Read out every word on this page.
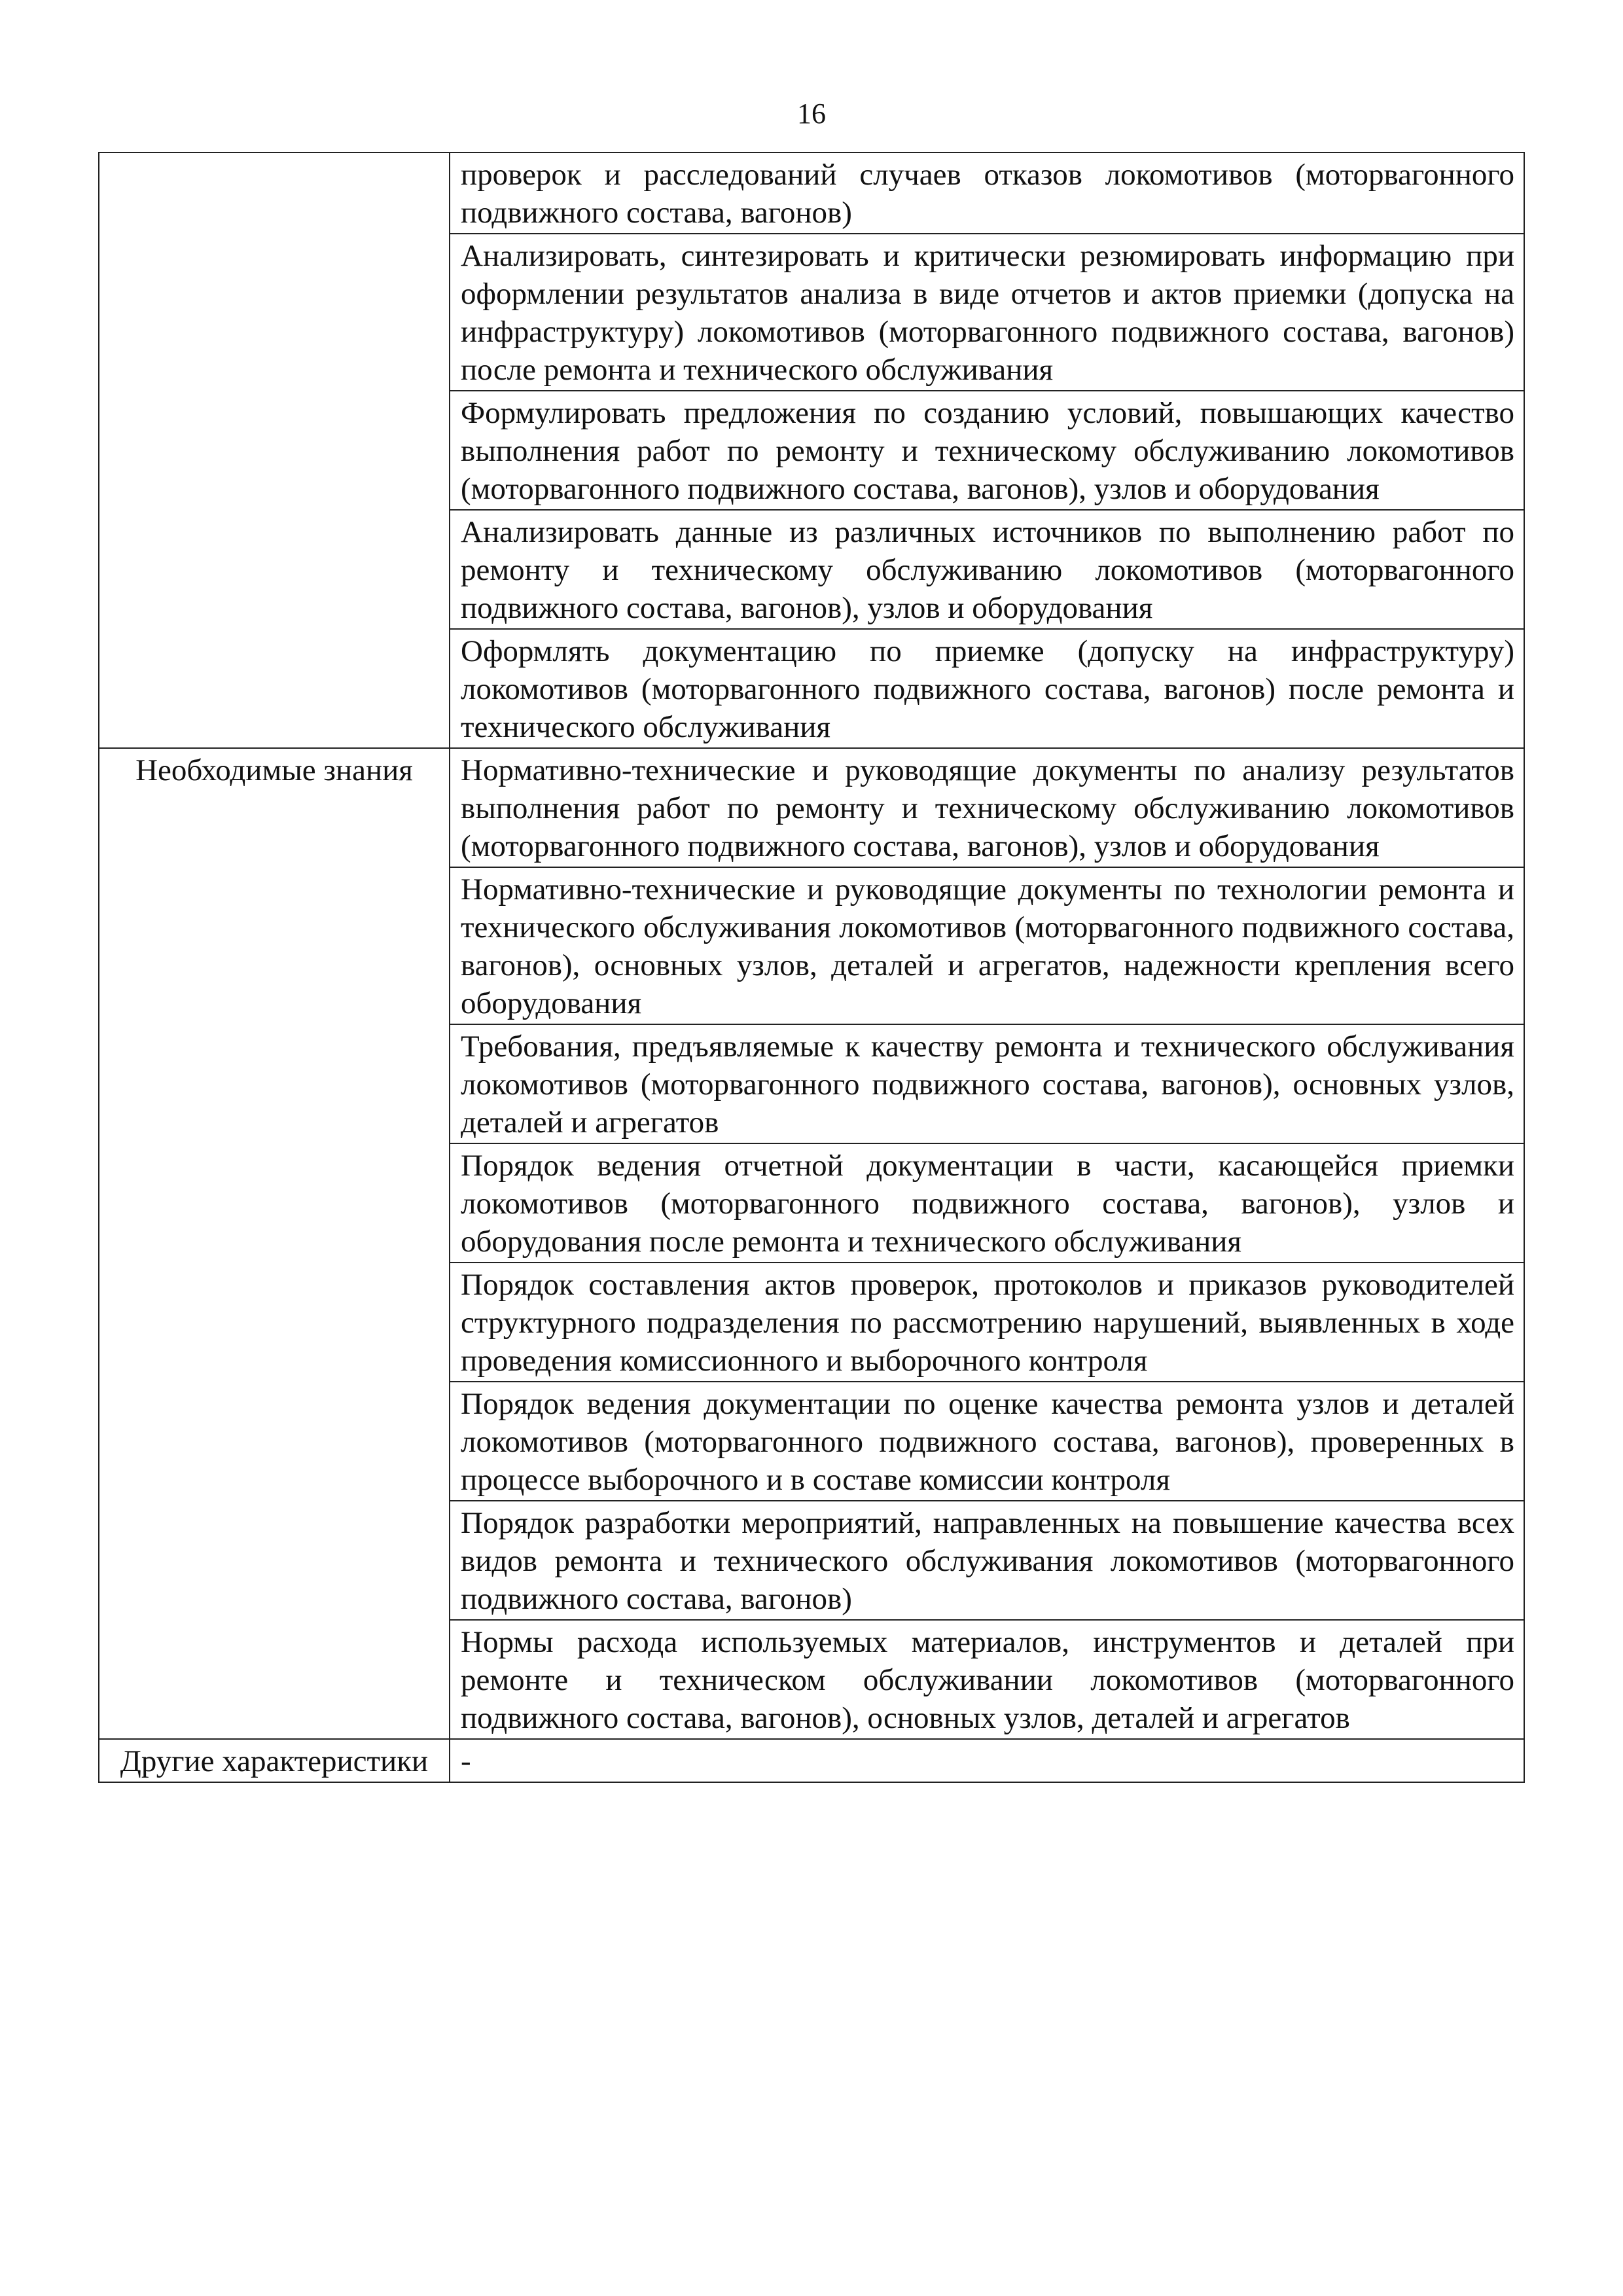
16
	проверок и расследований случаев отказов локомотивов (моторвагонного подвижного состава, вагонов)
	Анализировать, синтезировать и критически резюмировать информацию при оформлении результатов анализа в виде отчетов и актов приемки (допуска на инфраструктуру) локомотивов (моторвагонного подвижного состава, вагонов) после ремонта и технического обслуживания
	Формулировать предложения по созданию условий, повышающих качество выполнения работ по ремонту и техническому обслуживанию локомотивов (моторвагонного подвижного состава, вагонов), узлов и оборудования
	Анализировать данные из различных источников по выполнению работ по ремонту и техническому обслуживанию локомотивов (моторвагонного подвижного состава, вагонов), узлов и оборудования
	Оформлять документацию по приемке (допуску на инфраструктуру) локомотивов (моторвагонного подвижного состава, вагонов) после ремонта и технического обслуживания
Необходимые знания	Нормативно-технические и руководящие документы по анализу результатов выполнения работ по ремонту и техническому обслуживанию локомотивов (моторвагонного подвижного состава, вагонов), узлов и оборудования
	Нормативно-технические и руководящие документы по технологии ремонта и технического обслуживания локомотивов (моторвагонного подвижного состава, вагонов), основных узлов, деталей и агрегатов, надежности крепления всего оборудования
	Требования, предъявляемые к качеству ремонта и технического обслуживания локомотивов (моторвагонного подвижного состава, вагонов), основных узлов, деталей и агрегатов
	Порядок ведения отчетной документации в части, касающейся приемки локомотивов (моторвагонного подвижного состава, вагонов), узлов и оборудования после ремонта и технического обслуживания
	Порядок составления актов проверок, протоколов и приказов руководителей структурного подразделения по рассмотрению нарушений, выявленных в ходе проведения комиссионного и выборочного контроля
	Порядок ведения документации по оценке качества ремонта узлов и деталей локомотивов (моторвагонного подвижного состава, вагонов), проверенных в процессе выборочного и в составе комиссии контроля
	Порядок разработки мероприятий, направленных на повышение качества всех видов ремонта и технического обслуживания локомотивов (моторвагонного подвижного состава, вагонов)
	Нормы расхода используемых материалов, инструментов и деталей при ремонте и техническом обслуживании локомотивов (моторвагонного подвижного состава, вагонов), основных узлов, деталей и агрегатов
Другие характеристики	-
